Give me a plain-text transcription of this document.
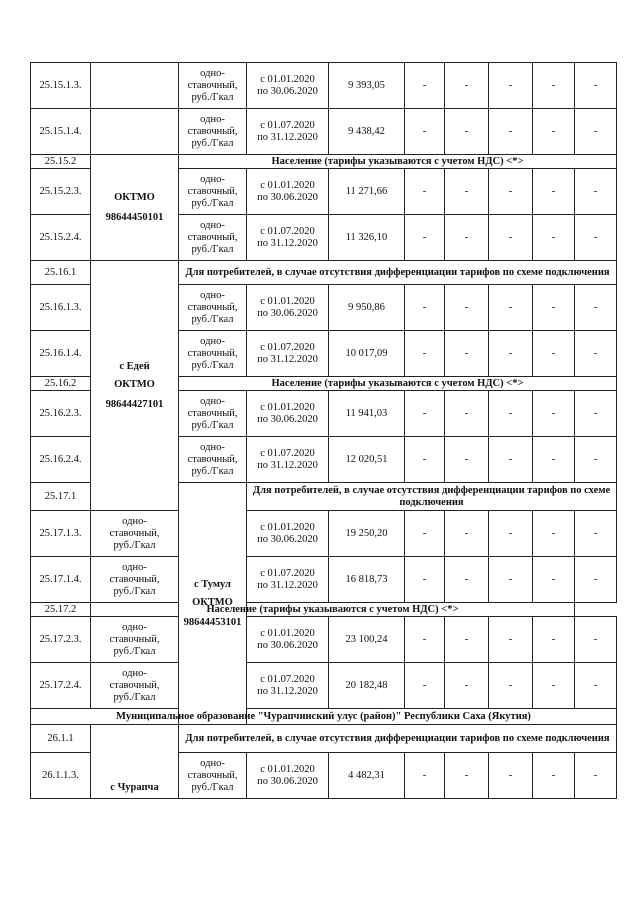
25.15.1.3.		одно-
ставочный,
руб./Гкал	с 01.01.2020
по 30.06.2020	9 393,05	-	-	-	-	-
25.15.1.4.		одно-
ставочный,
руб./Гкал	с 01.07.2020
по 31.12.2020	9 438,42	-	-	-	-	-
25.15.2	ОКТМО
98644450101	Население (тарифы указываются с учетом НДС) <*>							
25.15.2.3.		одно-
ставочный,
руб./Гкал	с 01.01.2020
по 30.06.2020	11 271,66	-	-	-	-	-
25.15.2.4.		одно-
ставочный,
руб./Гкал	с 01.07.2020
по 31.12.2020	11 326,10	-	-	-	-	-
25.16.1	с Едей
ОКТМО
98644427101	Для потребителей, в случае отсутствия дифференциации тарифов по схеме подключения							
25.16.1.3.		одно-
ставочный,
руб./Гкал	с 01.01.2020
по 30.06.2020	9 950,86	-	-	-	-	-
25.16.1.4.		одно-
ставочный,
руб./Гкал	с 01.07.2020
по 31.12.2020	10 017,09	-	-	-	-	-
25.16.2		Население (тарифы указываются с учетом НДС) <*>							
25.16.2.3.		одно-
ставочный,
руб./Гкал	с 01.01.2020
по 30.06.2020	11 941,03	-	-	-	-	-
25.16.2.4.		одно-
ставочный,
руб./Гкал	с 01.07.2020
по 31.12.2020	12 020,51	-	-	-	-	-
25.17.1		с Тумул
ОКТМО
98644453101	Для потребителей, в случае отсутствия дифференциации тарифов по схеме подключения						
25.17.1.3.	одно-
ставочный,
руб./Гкал		с 01.01.2020
по 30.06.2020	19 250,20	-	-	-	-	-
25.17.1.4.	одно-
ставочный,
руб./Гкал		с 01.07.2020
по 31.12.2020	16 818,73	-	-	-	-	-
25.17.2	Население (тарифы указываются с учетом НДС) <*>								
25.17.2.3.	одно-
ставочный,
руб./Гкал		с 01.01.2020
по 30.06.2020	23 100,24	-	-	-	-	-
25.17.2.4.	одно-
ставочный,
руб./Гкал		с 01.07.2020
по 31.12.2020	20 182,48	-	-	-	-	-
Муниципальное образование "Чурапчинский улус (район)" Республики Саха (Якутия)									
26.1.1	с Чурапча	Для потребителей, в случае отсутствия дифференциации тарифов по схеме подключения							
26.1.1.3.		одно-
ставочный,
руб./Гкал	с 01.01.2020
по 30.06.2020	4 482,31	-	-	-	-	-
